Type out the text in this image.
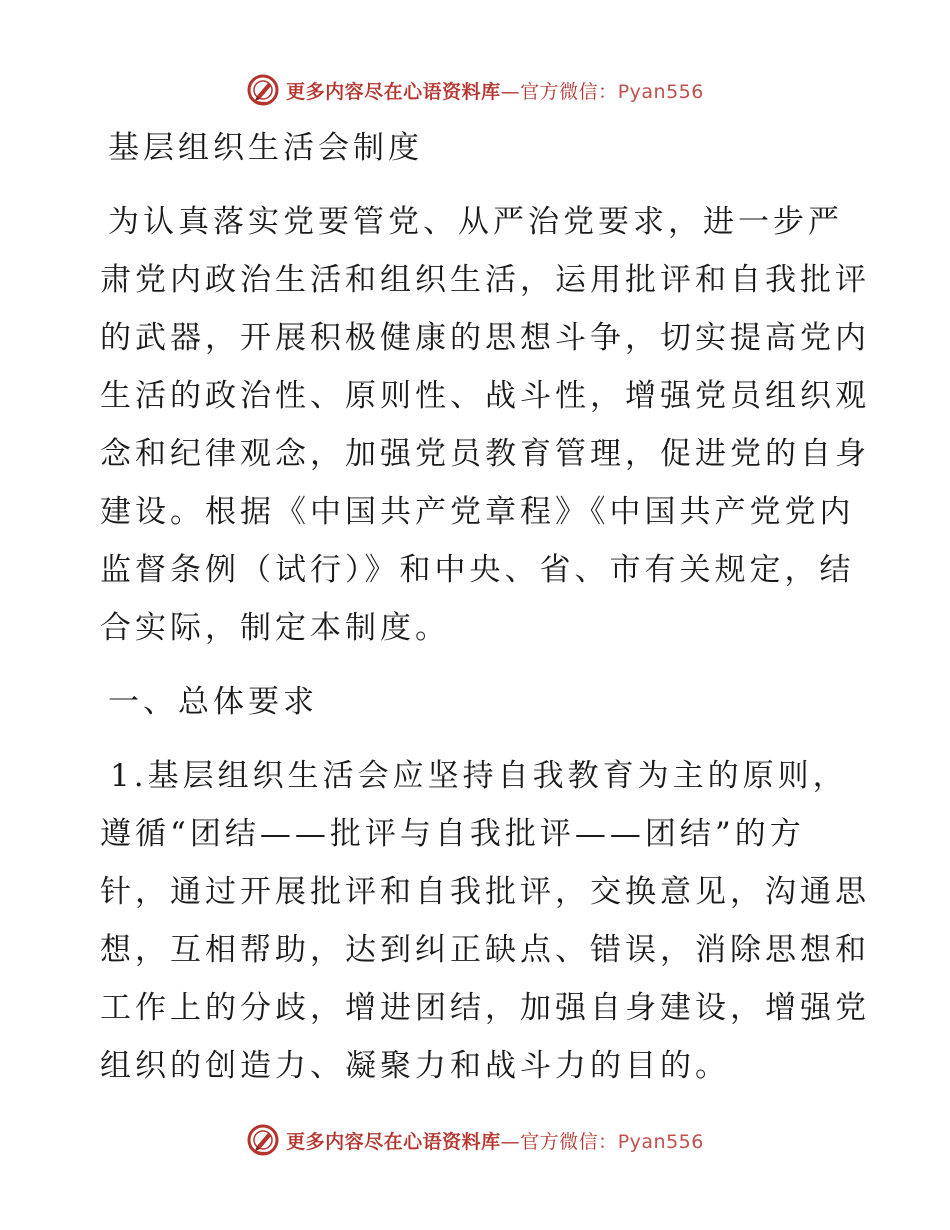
更多内容尽在心语资料库—官方微信：Pyan556
基层组织生活会制度
为认真落实党要管党、从严治党要求，进一步严
肃党内政治生活和组织生活，运用批评和自我批评
的武器，开展积极健康的思想斗争，切实提高党内
生活的政治性、原则性、战斗性，增强党员组织观
念和纪律观念，加强党员教育管理，促进党的自身
建设。根据《中国共产党章程》《中国共产党党内
监督条例（试行）》和中央、省、市有关规定，结
合实际，制定本制度。
一、总体要求
1.基层组织生活会应坚持自我教育为主的原则，
遵循“团结——批评与自我批评——团结”的方
针，通过开展批评和自我批评，交换意见，沟通思
想，互相帮助，达到纠正缺点、错误，消除思想和
工作上的分歧，增进团结，加强自身建设，增强党
组织的创造力、凝聚力和战斗力的目的。
更多内容尽在心语资料库—官方微信：Pyan556
